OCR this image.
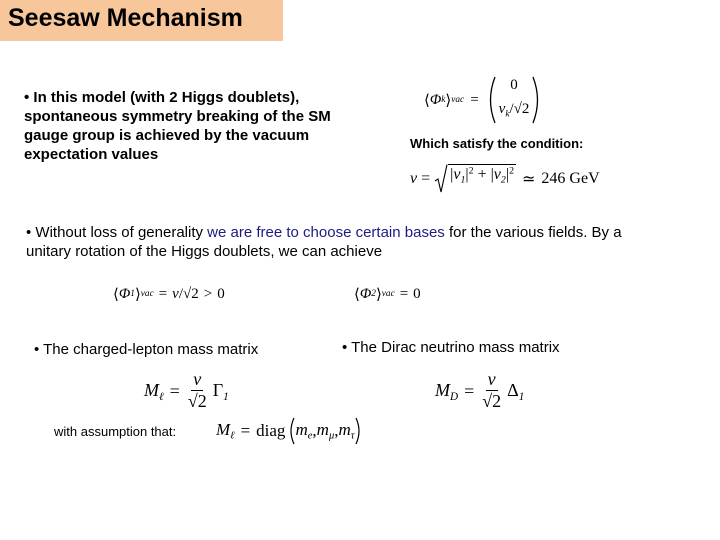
Seesaw Mechanism
• In this model (with 2 Higgs doublets), spontaneous symmetry breaking of the SM gauge group is achieved by the vacuum expectation values
⟨ Φ k ⟩ vac =
0
$v_k/√2$
Which satisfy the condition:
$v = |v_1|^2 + |v_2|^2$ ≃ 246 GeV
• Without loss of generality we are free to choose certain bases for the various fields. By a unitary rotation of the Higgs doublets, we can achieve
⟨ Φ 1 ⟩ vac = v /√2 > 0	⟨ Φ 2 ⟩ vac = 0
• The charged-lepton mass matrix	• The Dirac neutrino mass matrix
$M_\ell = \frac{v}{√2} \Gamma_1$	$M_D = \frac{v}{√2} \Delta_1$
with assumption that: $M_\ell$ = diag $m_e$ , $m_\mu$ , $m_\tau$
